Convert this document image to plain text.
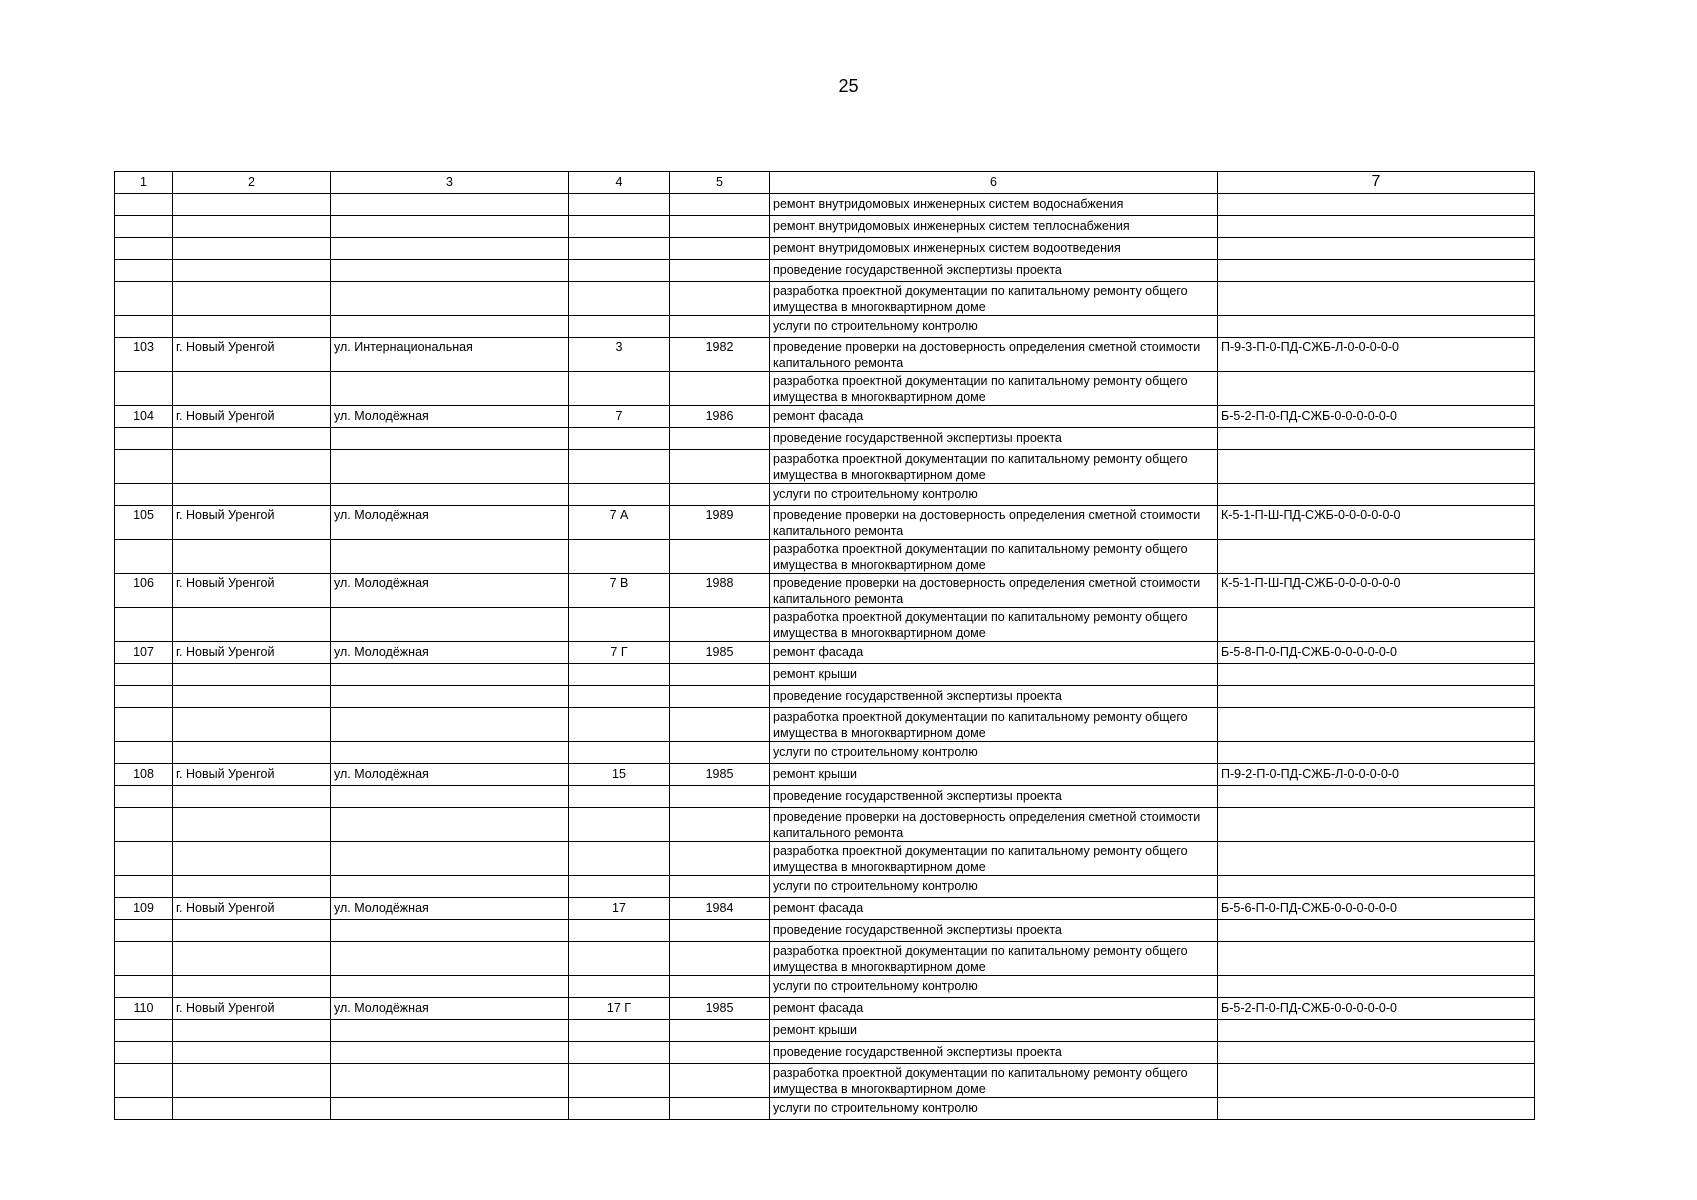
25
1	2	3	4	5	6	7
					ремонт внутридомовых инженерных систем водоснабжения	
					ремонт внутридомовых инженерных систем теплоснабжения	
					ремонт внутридомовых инженерных систем водоотведения	
					проведение государственной экспертизы проекта	
					разработка проектной документации по капитальному ремонту общего имущества в многоквартирном доме	
					услуги по строительному контролю	
103	г. Новый Уренгой	ул. Интернациональная	3	1982	проведение проверки на достоверность определения сметной стоимости капитального ремонта	П-9-3-П-0-ПД-СЖБ-Л-0-0-0-0-0
					разработка проектной документации по капитальному ремонту общего имущества в многоквартирном доме	
104	г. Новый Уренгой	ул. Молодёжная	7	1986	ремонт фасада	Б-5-2-П-0-ПД-СЖБ-0-0-0-0-0-0
					проведение государственной экспертизы проекта	
					разработка проектной документации по капитальному ремонту общего имущества в многоквартирном доме	
					услуги по строительному контролю	
105	г. Новый Уренгой	ул. Молодёжная	7 А	1989	проведение проверки на достоверность определения сметной стоимости капитального ремонта	К-5-1-П-Ш-ПД-СЖБ-0-0-0-0-0-0
					разработка проектной документации по капитальному ремонту общего имущества в многоквартирном доме	
106	г. Новый Уренгой	ул. Молодёжная	7 В	1988	проведение проверки на достоверность определения сметной стоимости капитального ремонта	К-5-1-П-Ш-ПД-СЖБ-0-0-0-0-0-0
					разработка проектной документации по капитальному ремонту общего имущества в многоквартирном доме	
107	г. Новый Уренгой	ул. Молодёжная	7 Г	1985	ремонт фасада	Б-5-8-П-0-ПД-СЖБ-0-0-0-0-0-0
					ремонт крыши	
					проведение государственной экспертизы проекта	
					разработка проектной документации по капитальному ремонту общего имущества в многоквартирном доме	
					услуги по строительному контролю	
108	г. Новый Уренгой	ул. Молодёжная	15	1985	ремонт крыши	П-9-2-П-0-ПД-СЖБ-Л-0-0-0-0-0
					проведение государственной экспертизы проекта	
					проведение проверки на достоверность определения сметной стоимости капитального ремонта	
					разработка проектной документации по капитальному ремонту общего имущества в многоквартирном доме	
					услуги по строительному контролю	
109	г. Новый Уренгой	ул. Молодёжная	17	1984	ремонт фасада	Б-5-6-П-0-ПД-СЖБ-0-0-0-0-0-0
					проведение государственной экспертизы проекта	
					разработка проектной документации по капитальному ремонту общего имущества в многоквартирном доме	
					услуги по строительному контролю	
110	г. Новый Уренгой	ул. Молодёжная	17 Г	1985	ремонт фасада	Б-5-2-П-0-ПД-СЖБ-0-0-0-0-0-0
					ремонт крыши	
					проведение государственной экспертизы проекта	
					разработка проектной документации по капитальному ремонту общего имущества в многоквартирном доме	
					услуги по строительному контролю	
